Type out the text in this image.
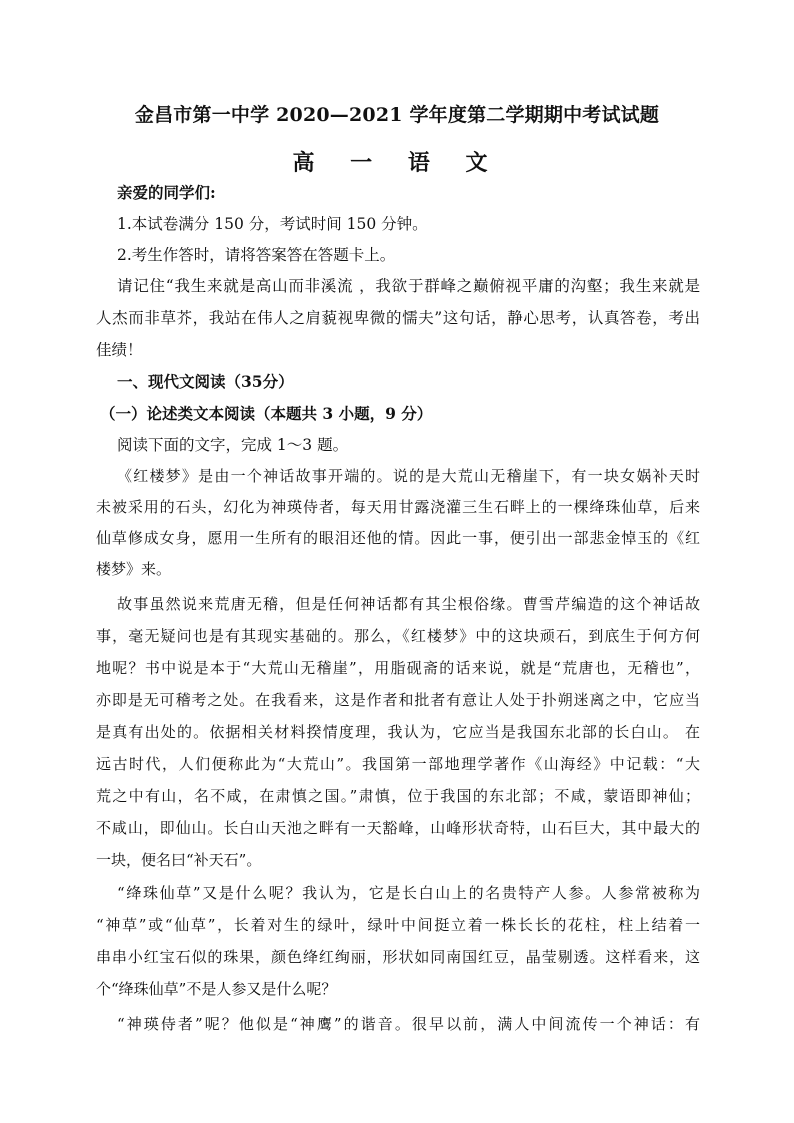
金昌市第一中学 2020—2021 学年度第二学期期中考试试题
高 一 语 文
亲爱的同学们:
1.本试卷满分 150 分，考试时间 150 分钟。
2.考生作答时，请将答案答在答题卡上。
请记住“我生来就是高山而非溪流 ，我欲于群峰之巅俯视平庸的沟壑；我生来就是
人杰而非草芥，我站在伟人之肩藐视卑微的懦夫”这句话，静心思考，认真答卷，考出
佳绩！
一、现代文阅读（35分）
（一）论述类文本阅读（本题共 3 小题，9 分）
阅读下面的文字，完成 1～3 题。
《红楼梦》是由一个神话故事开端的。说的是大荒山无稽崖下，有一块女娲补天时
未被采用的石头，幻化为神瑛侍者，每天用甘露浇灌三生石畔上的一棵绛珠仙草，后来
仙草修成女身，愿用一生所有的眼泪还他的情。因此一事，便引出一部悲金悼玉的《红
楼梦》来。
故事虽然说来荒唐无稽，但是任何神话都有其尘根俗缘。曹雪芹编造的这个神话故
事，毫无疑问也是有其现实基础的。那么，《红楼梦》中的这块顽石，到底生于何方何
地呢？书中说是本于“大荒山无稽崖”，用脂砚斋的话来说，就是“荒唐也，无稽也”，
亦即是无可稽考之处。在我看来，这是作者和批者有意让人处于扑朔迷离之中，它应当
是真有出处的。依据相关材料揆情度理，我认为，它应当是我国东北部的长白山。 在
远古时代，人们便称此为“大荒山”。我国第一部地理学著作《山海经》中记载：“大
荒之中有山，名不咸，在肃慎之国。”肃慎，位于我国的东北部；不咸，蒙语即神仙；
不咸山，即仙山。长白山天池之畔有一天豁峰，山峰形状奇特，山石巨大，其中最大的
一块，便名曰“补天石”。
“绛珠仙草”又是什么呢？我认为，它是长白山上的名贵特产人参。人参常被称为
“神草”或“仙草”，长着对生的绿叶，绿叶中间挺立着一株长长的花柱，柱上结着一
串串小红宝石似的珠果，颜色绛红绚丽，形状如同南国红豆，晶莹剔透。这样看来，这
个“绛珠仙草”不是人参又是什么呢？
“神瑛侍者”呢？他似是“神鹰”的谐音。很早以前，满人中间流传一个神话：有
